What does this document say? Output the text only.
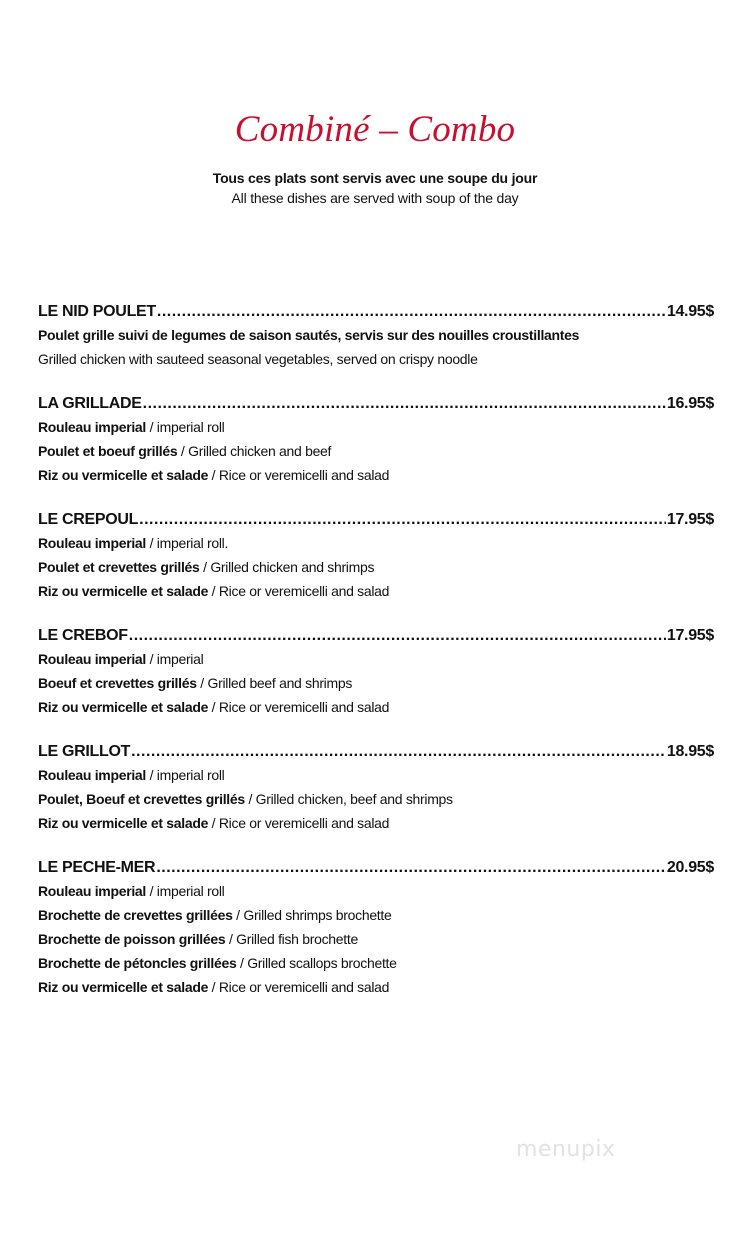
Combiné – Combo
Tous ces plats sont servis avec une soupe du jour
All these dishes are served with soup of the day
LE NID POULET .....	14.95$
Poulet grille suivi de legumes de saison sautés, servis sur des nouilles croustillantes
Grilled chicken with sauteed seasonal vegetables, served on crispy noodle
LA GRILLADE .....	16.95$
Rouleau imperial / imperial roll
Poulet et boeuf grillés / Grilled chicken and beef
Riz ou vermicelle et salade / Rice or veremicelli and salad
LE CREPOUL .....	17.95$
Rouleau imperial / imperial roll.
Poulet et crevettes grillés / Grilled chicken and shrimps
Riz ou vermicelle et salade / Rice or veremicelli and salad
LE CREBOF .....	17.95$
Rouleau imperial / imperial
Boeuf et crevettes grillés / Grilled beef and shrimps
Riz ou vermicelle et salade / Rice or veremicelli and salad
LE GRILLOT .....	18.95$
Rouleau imperial / imperial roll
Poulet, Boeuf et crevettes grillés / Grilled chicken, beef and shrimps
Riz ou vermicelle et salade / Rice or veremicelli and salad
LE PECHE-MER .....	20.95$
Rouleau imperial / imperial roll
Brochette de crevettes grillées / Grilled shrimps brochette
Brochette de poisson grillées / Grilled fish brochette
Brochette de pétoncles grillées / Grilled scallops brochette
Riz ou vermicelle et salade / Rice or veremicelli and salad
menupix
